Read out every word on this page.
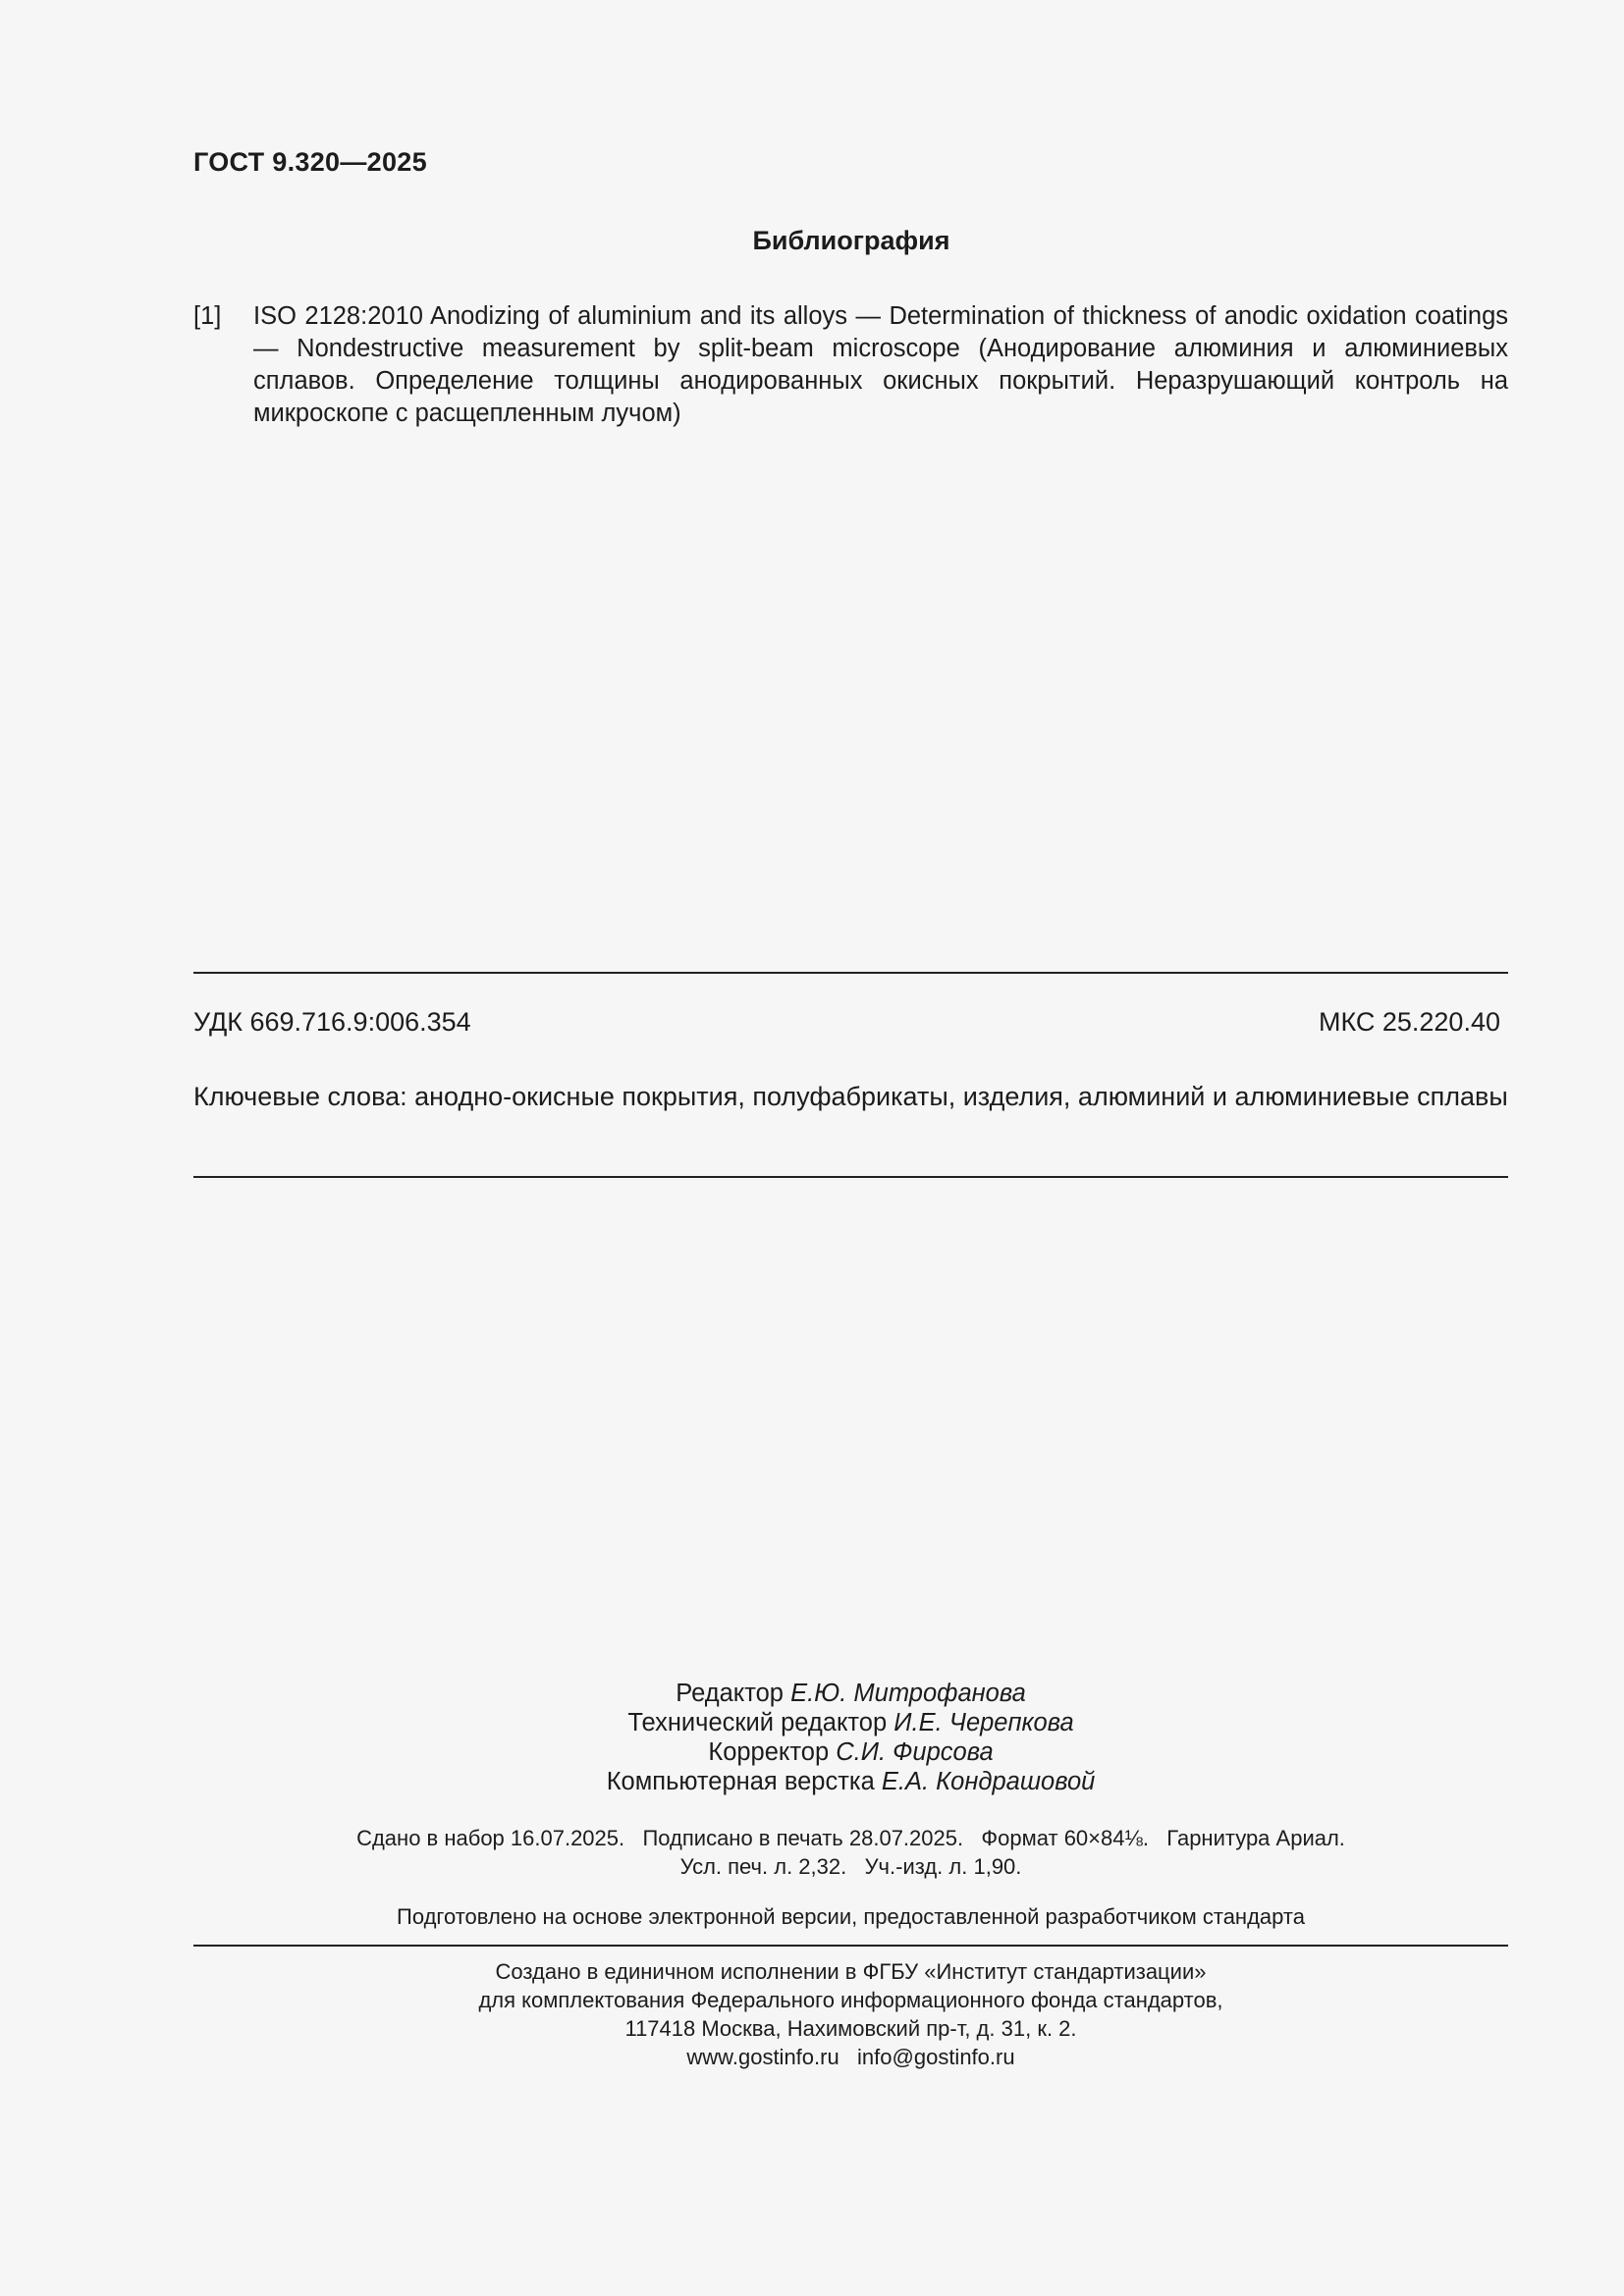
ГОСТ 9.320—2025
Библиография
[1] ISO 2128:2010 Anodizing of aluminium and its alloys — Determination of thickness of anodic oxidation coatings — Nondestructive measurement by split-beam microscope (Анодирование алюминия и алюминиевых сплавов. Определение толщины анодированных окисных покрытий. Неразрушающий контроль на микроскопе с расщепленным лучом)
УДК 669.716.9:006.354	МКС 25.220.40
Ключевые слова: анодно-окисные покрытия, полуфабрикаты, изделия, алюминий и алюминиевые сплавы
Редактор Е.Ю. Митрофанова
Технический редактор И.Е. Черепкова
Корректор С.И. Фирсова
Компьютерная верстка Е.А. Кондрашовой
Сдано в набор 16.07.2025.   Подписано в печать 28.07.2025.   Формат 60×84⅛.   Гарнитура Ариал.
Усл. печ. л. 2,32.   Уч.-изд. л. 1,90.
Подготовлено на основе электронной версии, предоставленной разработчиком стандарта
Создано в единичном исполнении в ФГБУ «Институт стандартизации»
для комплектования Федерального информационного фонда стандартов,
117418 Москва, Нахимовский пр-т, д. 31, к. 2.
www.gostinfo.ru info@gostinfo.ru
